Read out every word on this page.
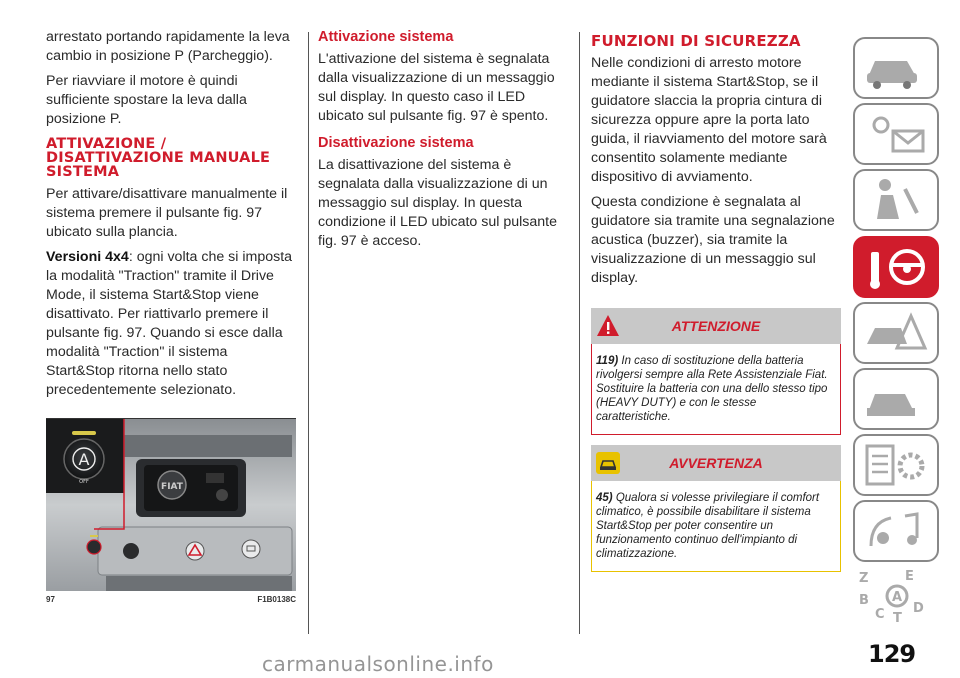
arrestato portando rapidamente la leva cambio in posizione P (Parcheggio).

Per riavviare il motore è quindi sufficiente spostare la leva dalla posizione P.

ATTIVAZIONE / DISATTIVAZIONE MANUALE SISTEMA

Per attivare/disattivare manualmente il sistema premere il pulsante fig. 97 ubicato sulla plancia.

Versioni 4x4: ogni volta che si imposta la modalità "Traction" tramite il Drive Mode, il sistema Start&Stop viene disattivato. Per riattivarlo premere il pulsante fig. 97. Quando si esce dalla modalità "Traction" il sistema Start&Stop ritorna nello stato precedentemente selezionato.

FIAT
A
OFF
97	F1B0138C
Attivazione sistema

L'attivazione del sistema è segnalata dalla visualizzazione di un messaggio sul display. In questo caso il LED ubicato sul pulsante fig. 97 è spento.

Disattivazione sistema

La disattivazione del sistema è segnalata dalla visualizzazione di un messaggio sul display. In questa condizione il LED ubicato sul pulsante fig. 97 è acceso.

FUNZIONI DI SICUREZZA

Nelle condizioni di arresto motore mediante il sistema Start&Stop, se il guidatore slaccia la propria cintura di sicurezza oppure apre la porta lato guida, il riavviamento del motore sarà consentito solamente mediante dispositivo di avviamento.

Questa condizione è segnalata al guidatore sia tramite una segnalazione acustica (buzzer), sia tramite la visualizzazione di un messaggio sul display.

ATTENZIONE

119) In caso di sostituzione della batteria rivolgersi sempre alla Rete Assistenziale Fiat. Sostituire la batteria con una dello stesso tipo (HEAVY DUTY) e con le stesse caratteristiche.

AVVERTENZA

45) Qualora si volesse privilegiare il comfort climatico, è possibile disabilitare il sistema Start&Stop per poter consentire un funzionamento continuo dell'impianto di climatizzazione.

Z	E
B
C T
D
A
129
carmanualsonline.info
